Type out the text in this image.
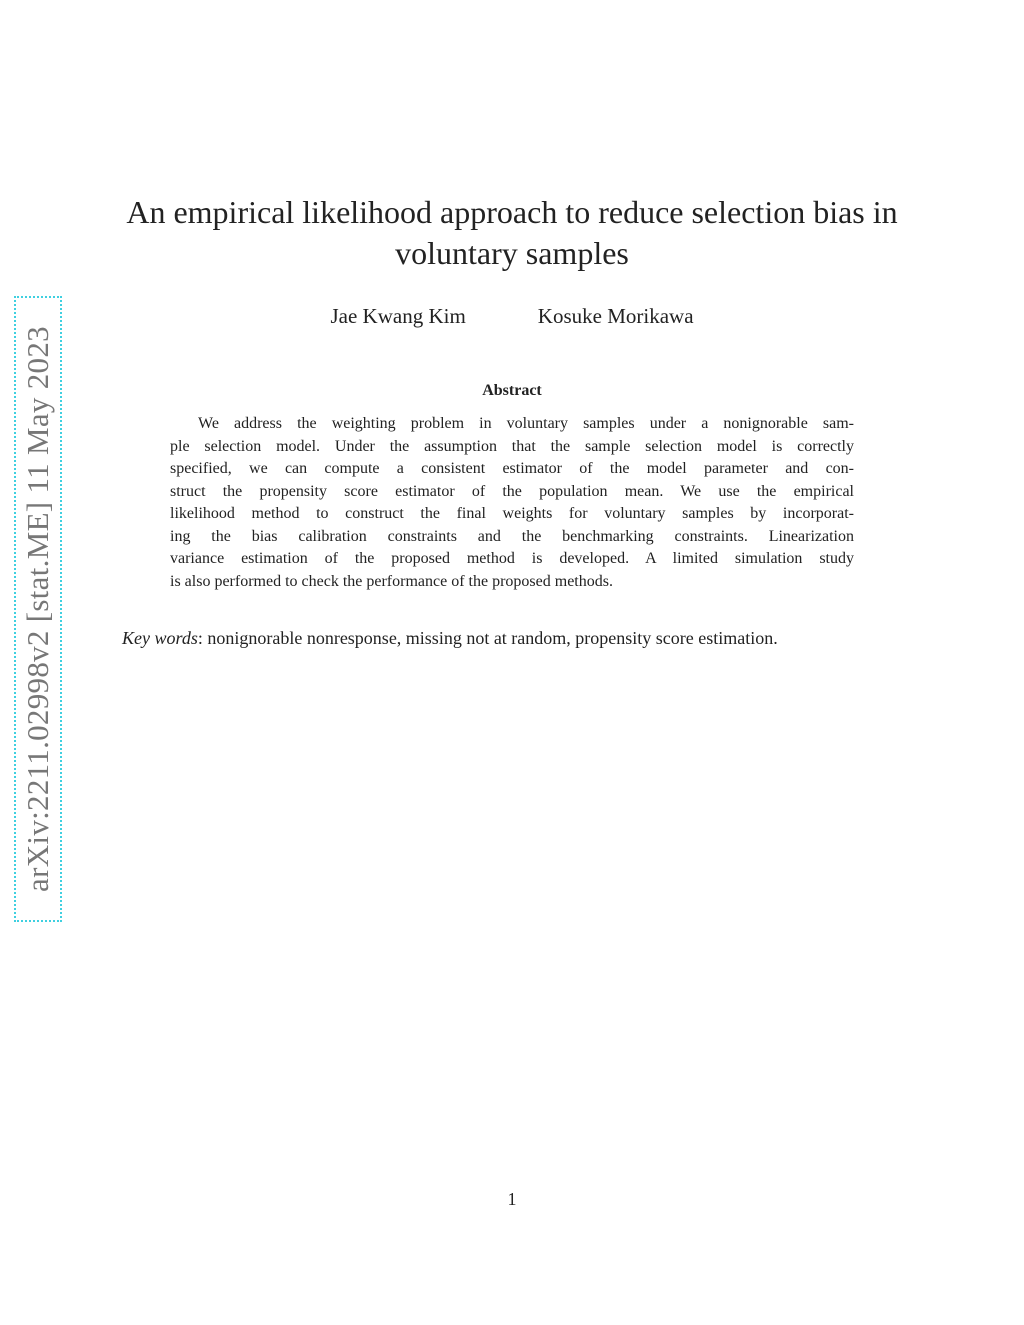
arXiv:2211.02998v2 [stat.ME] 11 May 2023
An empirical likelihood approach to reduce selection bias in voluntary samples
Jae Kwang Kim	Kosuke Morikawa
Abstract
We address the weighting problem in voluntary samples under a nonignorable sam-
ple selection model. Under the assumption that the sample selection model is correctly
specified, we can compute a consistent estimator of the model parameter and con-
struct the propensity score estimator of the population mean. We use the empirical
likelihood method to construct the final weights for voluntary samples by incorporat-
ing the bias calibration constraints and the benchmarking constraints. Linearization
variance estimation of the proposed method is developed. A limited simulation study
is also performed to check the performance of the proposed methods.
Key words: nonignorable nonresponse, missing not at random, propensity score estimation.
1
